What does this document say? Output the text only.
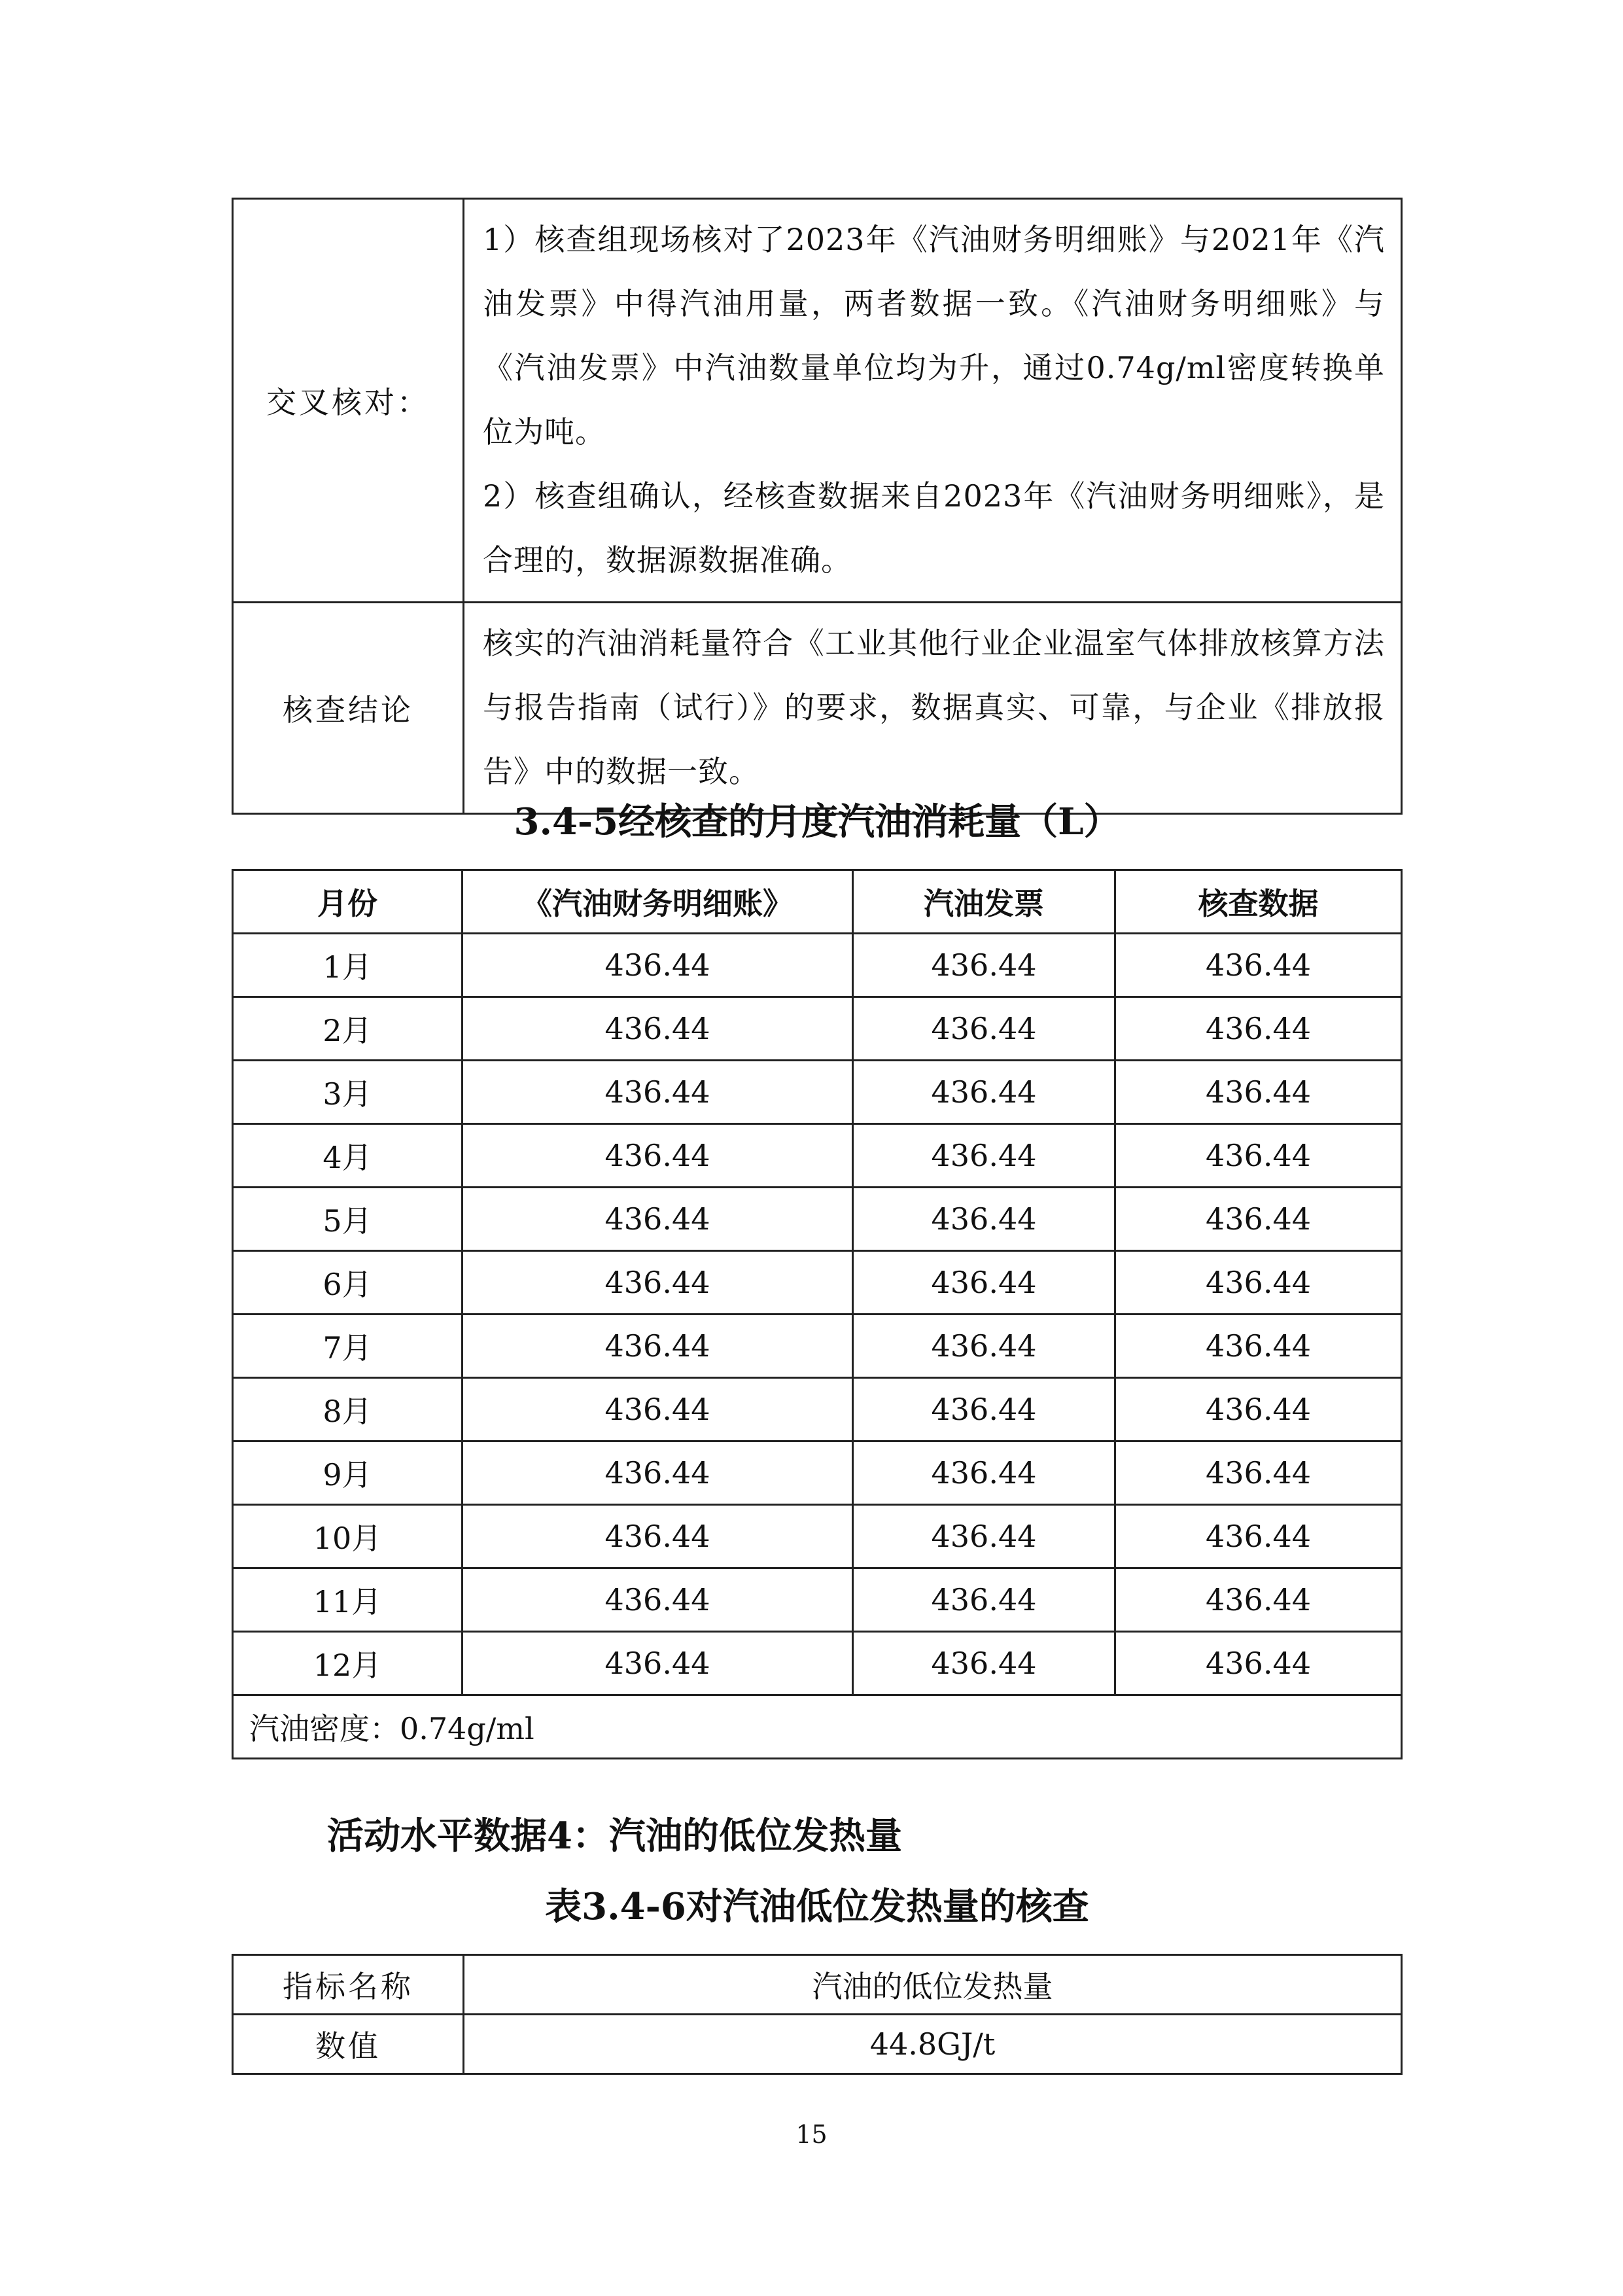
交叉核对：	1）核查组现场核对了2023年《汽油财务明细账》与2021年《汽油发票》中得汽油用量，两者数据一致。《汽油财务明细账》与《汽油发票》中汽油数量单位均为升，通过0.74g/ml密度转换单位为吨。

2）核查组确认，经核查数据来自2023年《汽油财务明细账》，是合理的，数据源数据准确。

核查结论	核实的汽油消耗量符合《工业其他行业企业温室气体排放核算方法与报告指南（试行）》的要求，数据真实、可靠，与企业《排放报告》中的数据一致。
3.4-5经核查的月度汽油消耗量（L）
月份	《汽油财务明细账》	汽油发票	核查数据
1月	436.44	436.44	436.44
2月	436.44	436.44	436.44
3月	436.44	436.44	436.44
4月	436.44	436.44	436.44
5月	436.44	436.44	436.44
6月	436.44	436.44	436.44
7月	436.44	436.44	436.44
8月	436.44	436.44	436.44
9月	436.44	436.44	436.44
10月	436.44	436.44	436.44
11月	436.44	436.44	436.44
12月	436.44	436.44	436.44
汽油密度：0.74g/ml			

活动水平数据4：汽油的低位发热量

表3.4-6对汽油低位发热量的核查
指标名称	汽油的低位发热量
数值	44.8GJ/t
15
